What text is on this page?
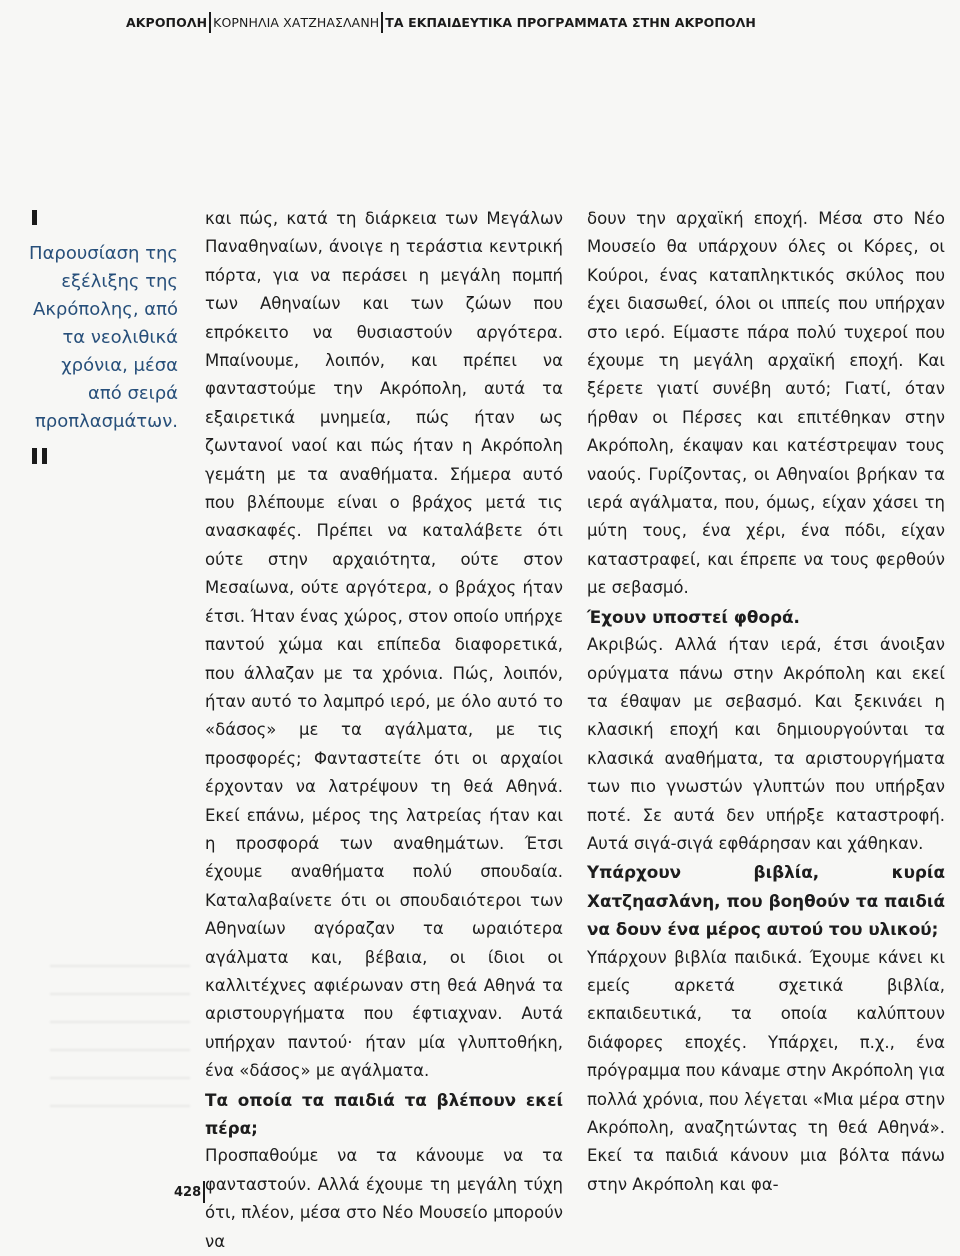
ΑΚΡΟΠΟΛΗ ΚΟΡΝΗΛΙΑ ΧΑΤΖΗΑΣΛΑΝΗ ΤΑ ΕΚΠΑΙΔΕΥΤΙΚΑ ΠΡΟΓΡΑΜΜΑΤΑ ΣΤΗΝ ΑΚΡΟΠΟΛΗ
Παρουσίαση της εξέλιξης της Ακρόπολης, από τα νεολιθικά χρόνια, μέσα από σειρά προπλασμάτων.

και πώς, κατά τη διάρκεια των Μεγάλων Παναθηναίων, άνοιγε η τεράστια κεντρική πόρτα, για να περάσει η μεγάλη πομπή των Αθηναίων και των ζώων που επρόκειτο να θυσιαστούν αργότερα. Μπαίνουμε, λοιπόν, και πρέπει να φανταστούμε την Ακρόπολη, αυτά τα εξαιρετικά μνημεία, πώς ήταν ως ζωντανοί ναοί και πώς ήταν η Ακρόπολη γεμάτη με τα αναθήματα. Σήμερα αυτό που βλέπουμε είναι ο βράχος μετά τις ανασκαφές. Πρέπει να καταλάβετε ότι ούτε στην αρχαιότητα, ούτε στον Μεσαίωνα, ούτε αργότερα, ο βράχος ήταν έτσι. Ήταν ένας χώρος, στον οποίο υπήρχε παντού χώμα και επίπεδα διαφορετικά, που άλλαζαν με τα χρόνια. Πώς, λοιπόν, ήταν αυτό το λαμπρό ιερό, με όλο αυτό το «δάσος» με τα αγάλματα, με τις προσφορές; Φανταστείτε ότι οι αρχαίοι έρχονταν να λατρέψουν τη θεά Αθηνά. Εκεί επάνω, μέρος της λατρείας ήταν και η προσφορά των αναθημάτων. Έτσι έχουμε αναθήματα πολύ σπουδαία. Καταλαβαίνετε ότι οι σπουδαιότεροι των Αθηναίων αγόραζαν τα ωραιότερα αγάλματα και, βέβαια, οι ίδιοι οι καλλιτέχνες αφιέρωναν στη θεά Αθηνά τα αριστουργήματα που έφτιαχναν. Αυτά υπήρχαν παντού· ήταν μία γλυπτοθήκη, ένα «δάσος» με αγάλματα.

Τα οποία τα παιδιά τα βλέπουν εκεί πέρα;

Προσπαθούμε να τα κάνουμε να τα φανταστούν. Αλλά έχουμε τη μεγάλη τύχη ότι, πλέον, μέσα στο Νέο Μουσείο μπορούν να

δουν την αρχαϊκή εποχή. Μέσα στο Νέο Μουσείο θα υπάρχουν όλες οι Κόρες, οι Κούροι, ένας καταπληκτικός σκύλος που έχει διασωθεί, όλοι οι ιππείς που υπήρχαν στο ιερό. Είμαστε πάρα πολύ τυχεροί που έχουμε τη μεγάλη αρχαϊκή εποχή. Και ξέρετε γιατί συνέβη αυτό; Γιατί, όταν ήρθαν οι Πέρσες και επιτέθηκαν στην Ακρόπολη, έκαψαν και κατέστρεψαν τους ναούς. Γυρίζοντας, οι Αθηναίοι βρήκαν τα ιερά αγάλματα, που, όμως, είχαν χάσει τη μύτη τους, ένα χέρι, ένα πόδι, είχαν καταστραφεί, και έπρεπε να τους φερθούν με σεβασμό.

Έχουν υποστεί φθορά.

Ακριβώς. Αλλά ήταν ιερά, έτσι άνοιξαν ορύγματα πάνω στην Ακρόπολη και εκεί τα έθαψαν με σεβασμό. Και ξεκινάει η κλασική εποχή και δημιουργούνται τα κλασικά αναθήματα, τα αριστουργήματα των πιο γνωστών γλυπτών που υπήρξαν ποτέ. Σε αυτά δεν υπήρξε καταστροφή. Αυτά σιγά-σιγά εφθάρησαν και χάθηκαν.

Υπάρχουν βιβλία, κυρία Χατζηασλάνη, που βοηθούν τα παιδιά να δουν ένα μέρος αυτού του υλικού;

Υπάρχουν βιβλία παιδικά. Έχουμε κάνει κι εμείς αρκετά σχετικά βιβλία, εκπαιδευτικά, τα οποία καλύπτουν διάφορες εποχές. Υπάρχει, π.χ., ένα πρόγραμμα που κάναμε στην Ακρόπολη για πολλά χρόνια, που λέγεται «Μια μέρα στην Ακρόπολη, αναζητώντας τη θεά Αθηνά». Εκεί τα παιδιά κάνουν μια βόλτα πάνω στην Ακρόπολη και φα-

428
